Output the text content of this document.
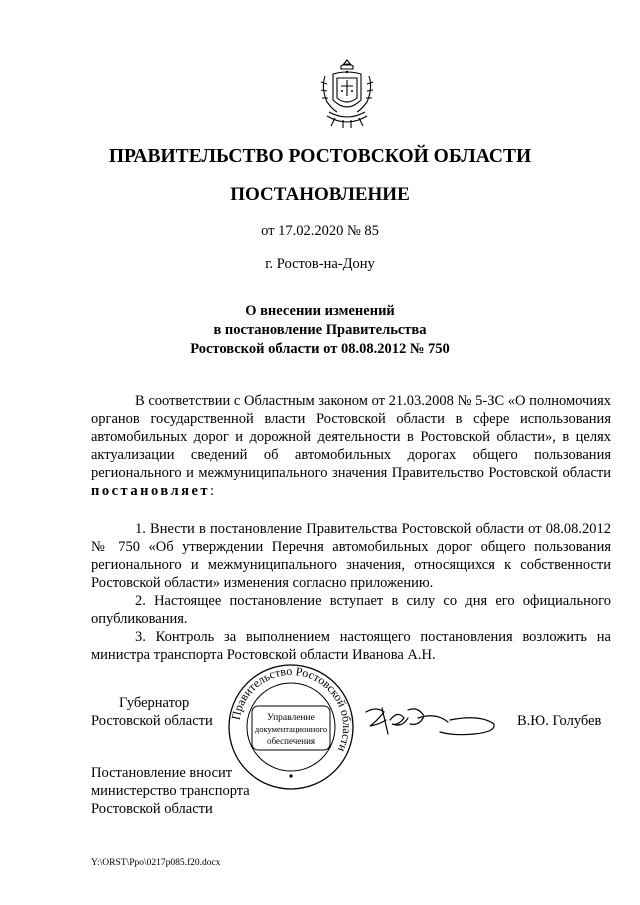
ПРАВИТЕЛЬСТВО РОСТОВСКОЙ ОБЛАСТИ
ПОСТАНОВЛЕНИЕ
от 17.02.2020 № 85
г. Ростов-на-Дону
О внесении изменений
в постановление Правительства
Ростовской области от 08.08.2012 № 750

В соответствии с Областным законом от 21.03.2008 № 5-ЗС «О полномочиях органов государственной власти Ростовской области в сфере использования автомобильных дорог и дорожной деятельности в Ростовской области», в целях актуализации сведений об автомобильных дорогах общего пользования регионального и межмуниципального значения Правительство Ростовской области постановляет:

1. Внести в постановление Правительства Ростовской области от 08.08.2012 № 750 «Об утверждении Перечня автомобильных дорог общего пользования регионального и межмуниципального значения, относящихся к собственности Ростовской области» изменения согласно приложению.

2. Настоящее постановление вступает в силу со дня его официального опубликования.

3. Контроль за выполнением настоящего постановления возложить на министра транспорта Ростовской области Иванова А.Н.

Губернатор
Ростовской области Правительство Ростовской области
Управление
документационного
обеспечения
В.Ю. Голубев
Постановление вносит
министерство транспорта
Ростовской области
Y:\ORST\Ppo\0217p085.f20.docx
